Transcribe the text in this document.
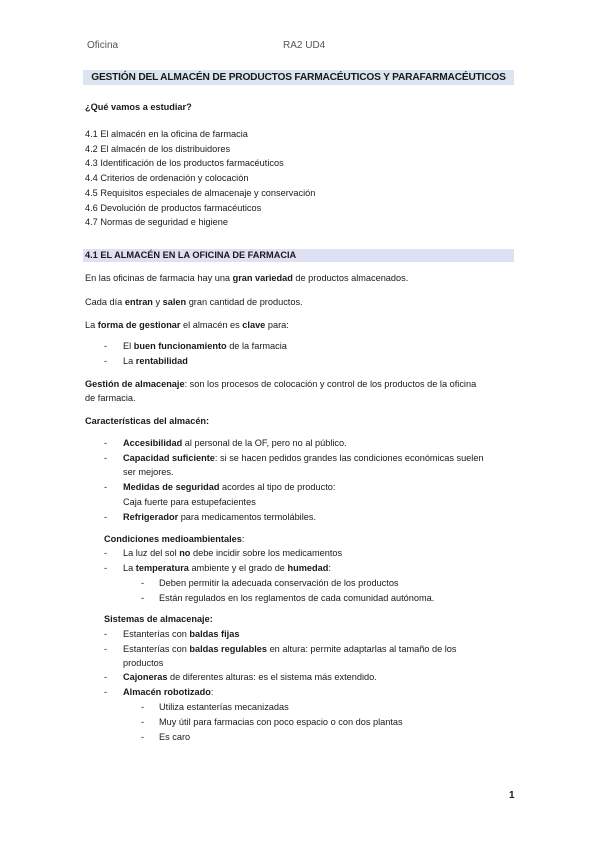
Oficina	RA2 UD4
GESTIÓN DEL ALMACÉN DE PRODUCTOS FARMACÉUTICOS Y PARAFARMACÉUTICOS
¿Qué vamos a estudiar?
4.1 El almacén en la oficina de farmacia
4.2 El almacén de los distribuidores
4.3 Identificación de los productos farmacéuticos
4.4 Criterios de ordenación y colocación
4.5 Requisitos especiales de almacenaje y conservación
4.6 Devolución de productos farmacéuticos
4.7 Normas de seguridad e higiene
4.1 EL ALMACÉN EN LA OFICINA DE FARMACIA
En las oficinas de farmacia hay una gran variedad de productos almacenados.
Cada día entran y salen gran cantidad de productos.
La forma de gestionar el almacén es clave para:
- El buen funcionamiento de la farmacia
- La rentabilidad
Gestión de almacenaje: son los procesos de colocación y control de los productos de la oficina
de farmacia.
Características del almacén:
- Accesibilidad al personal de la OF, pero no al público.
- Capacidad suficiente: si se hacen pedidos grandes las condiciones económicas suelen
ser mejores.
- Medidas de seguridad acordes al tipo de producto:
Caja fuerte para estupefacientes
- Refrigerador para medicamentos termolábiles.
Condiciones medioambientales:
- La luz del sol no debe incidir sobre los medicamentos
- La temperatura ambiente y el grado de humedad:
- Deben permitir la adecuada conservación de los productos
- Están regulados en los reglamentos de cada comunidad autónoma.
Sistemas de almacenaje:
- Estanterías con baldas fijas
- Estanterías con baldas regulables en altura: permite adaptarlas al tamaño de los
productos
- Cajoneras de diferentes alturas: es el sistema más extendido.
- Almacén robotizado:
- Utiliza estanterías mecanizadas
- Muy útil para farmacias con poco espacio o con dos plantas
- Es caro
1
